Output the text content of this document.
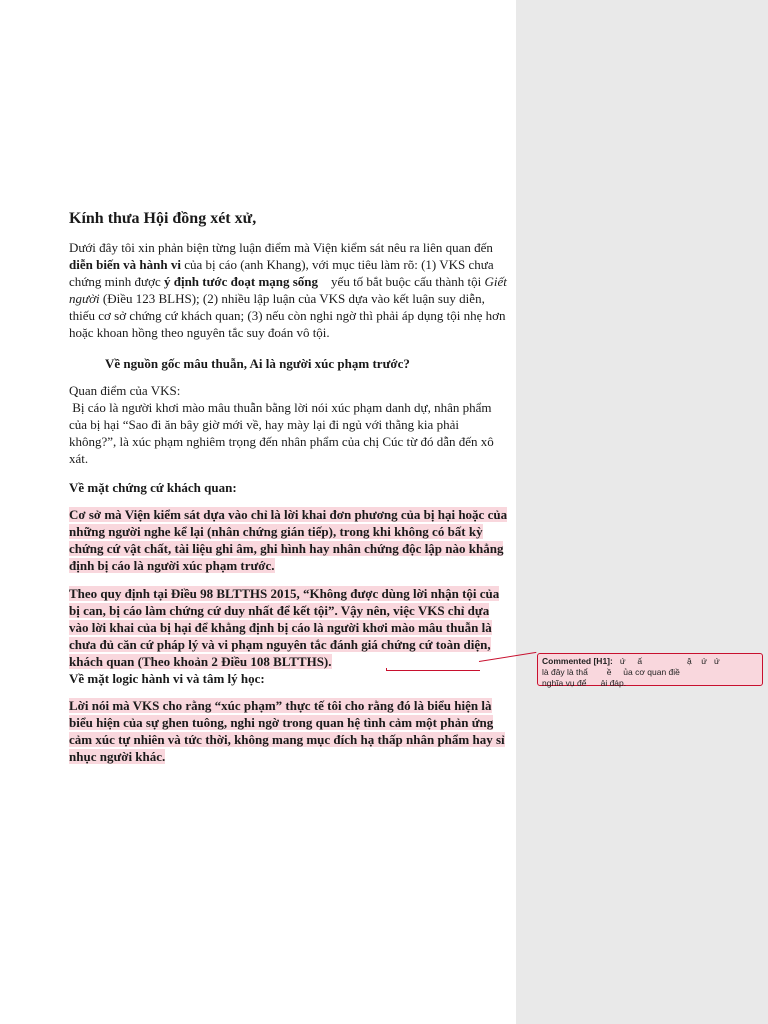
Kính thưa Hội đồng xét xử,

Dưới đây tôi xin phản biện từng luận điểm mà Viện kiểm sát nêu ra liên quan đến diễn biến và hành vi của bị cáo (anh Khang), với mục tiêu làm rõ: (1) VKS chưa chứng minh được ý định tước đoạt mạng sống    yếu tố bắt buộc cấu thành tội Giết người (Điều 123 BLHS); (2) nhiều lập luận của VKS dựa vào kết luận suy diễn, thiếu cơ sở chứng cứ khách quan; (3) nếu còn nghi ngờ thì phải áp dụng tội nhẹ hơn hoặc khoan hồng theo nguyên tắc suy đoán vô tội.

Về nguồn gốc mâu thuẫn, Ai là người xúc phạm trước?

Quan điểm của VKS:

Bị cáo là người khơi mào mâu thuẫn bằng lời nói xúc phạm danh dự, nhân phẩm của bị hại “Sao đi ăn bây giờ mới về, hay mày lại đi ngủ với thằng kia phải không?”, là xúc phạm nghiêm trọng đến nhân phẩm của chị Cúc từ đó dẫn đến xô xát.

Về mặt chứng cứ khách quan:

Cơ sở mà Viện kiểm sát dựa vào chỉ là lời khai đơn phương của bị hại hoặc của những người nghe kể lại (nhân chứng gián tiếp), trong khi không có bất kỳ chứng cứ vật chất, tài liệu ghi âm, ghi hình hay nhân chứng độc lập nào khẳng định bị cáo là người xúc phạm trước.

Theo quy định tại Điều 98 BLTTHS 2015, “Không được dùng lời nhận tội của bị can, bị cáo làm chứng cứ duy nhất để kết tội”. Vậy nên, việc VKS chỉ dựa vào lời khai của bị hại để khẳng định bị cáo là người khơi mào mâu thuẫn là chưa đủ căn cứ pháp lý và vi phạm nguyên tắc đánh giá chứng cứ toàn diện, khách quan (Theo khoản 2 Điều 108 BLTTHS).

Về mặt logic hành vi và tâm lý học:

Lời nói mà VKS cho rằng “xúc phạm” thực tế tôi cho rằng đó là biểu hiện là biểu hiện của sự ghen tuông, nghi ngờ trong quan hệ tình cảm một phản ứng cảm xúc tự nhiên và tức thời, không mang mục đích hạ thấp nhân phẩm hay sỉ nhục người khác.

Commented [H1]:   ứ     ấ                   ậ    ứ   ứ
là đây là thẩ        ề     ủa cơ quan điề
nghĩa vụ để      ải đáp.
